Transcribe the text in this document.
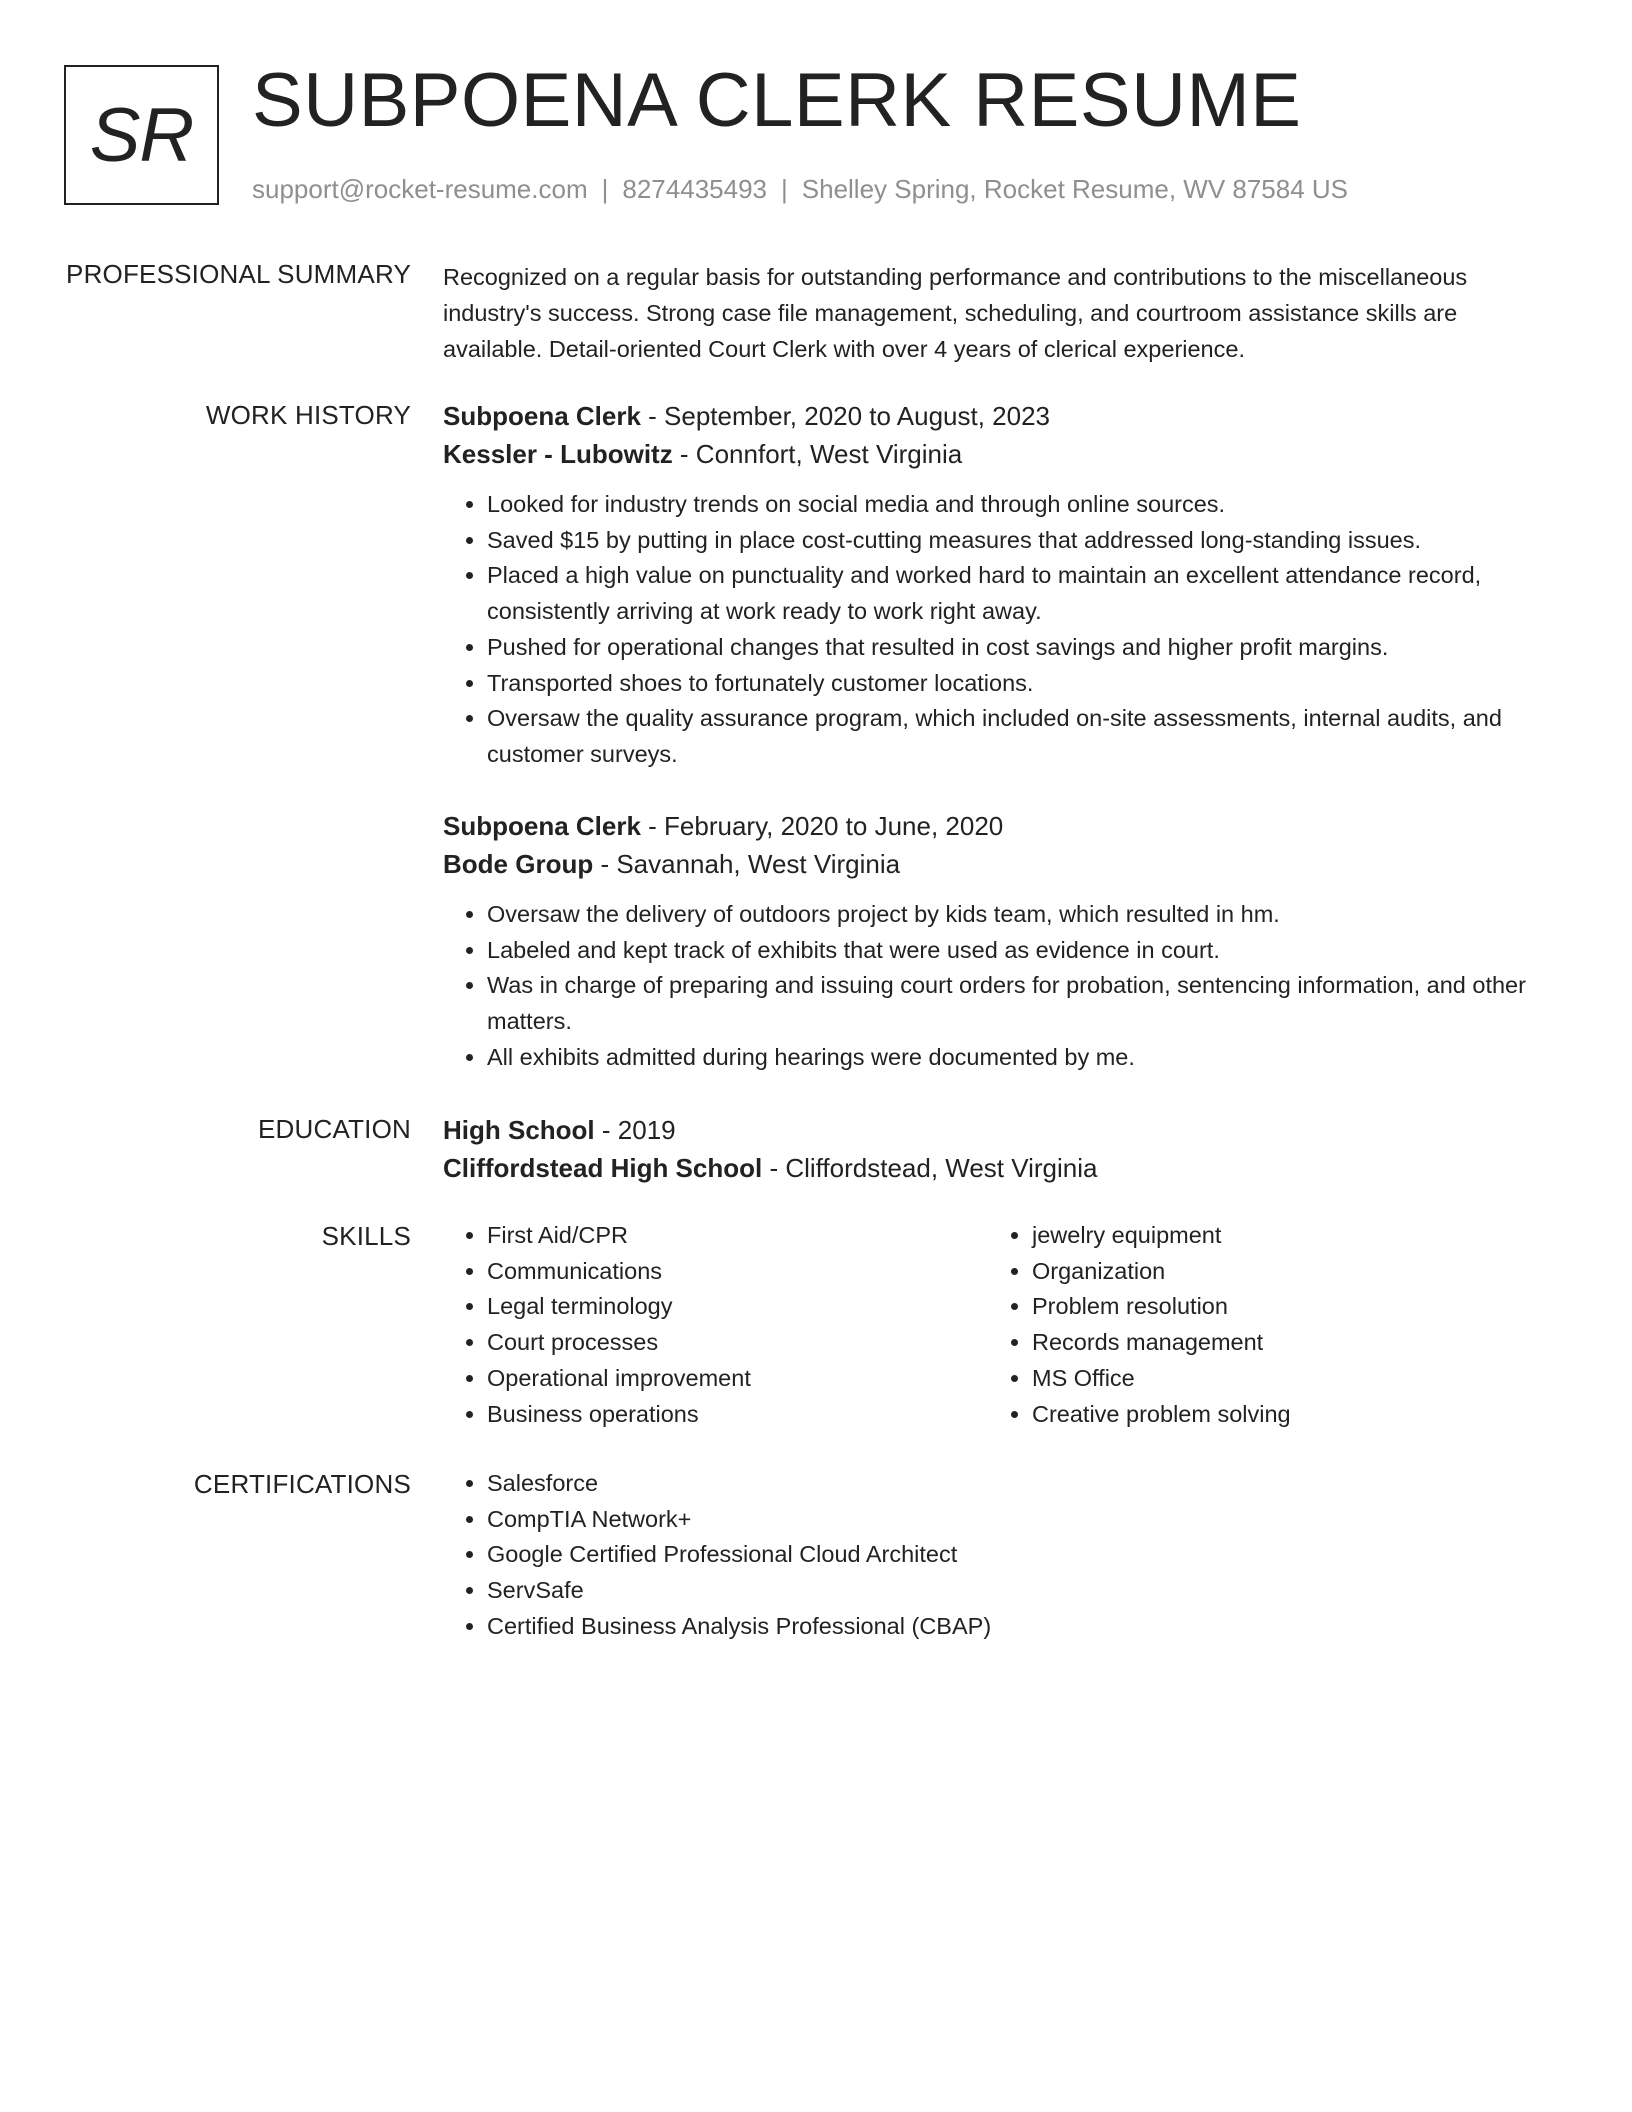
SR SUBPOENA CLERK RESUME
support@rocket-resume.com | 8274435493 | Shelley Spring, Rocket Resume, WV 87584 US
PROFESSIONAL SUMMARY Recognized on a regular basis for outstanding performance and contributions to the miscellaneous industry's success. Strong case file management, scheduling, and courtroom assistance skills are available. Detail-oriented Court Clerk with over 4 years of clerical experience.

WORK HISTORY Subpoena Clerk - September, 2020 to August, 2023

Kessler - Lubowitz - Connfort, West Virginia

• Looked for industry trends on social media and through online sources.
• Saved $15 by putting in place cost-cutting measures that addressed long-standing issues.
• Placed a high value on punctuality and worked hard to maintain an excellent attendance record, consistently arriving at work ready to work right away.
• Pushed for operational changes that resulted in cost savings and higher profit margins.
• Transported shoes to fortunately customer locations.
• Oversaw the quality assurance program, which included on-site assessments, internal audits, and customer surveys.

Subpoena Clerk - February, 2020 to June, 2020

Bode Group - Savannah, West Virginia

• Oversaw the delivery of outdoors project by kids team, which resulted in hm.
• Labeled and kept track of exhibits that were used as evidence in court.
• Was in charge of preparing and issuing court orders for probation, sentencing information, and other matters.
• All exhibits admitted during hearings were documented by me.
EDUCATION High School - 2019

Cliffordstead High School - Cliffordstead, West Virginia

SKILLS	• First Aid/CPR
• Communications
• Legal terminology
• Court processes
• Operational improvement
• Business operations
• jewelry equipment
• Organization
• Problem resolution
• Records management
• MS Office
• Creative problem solving
CERTIFICATIONS	• Salesforce
• CompTIA Network+
• Google Certified Professional Cloud Architect
• ServSafe
• Certified Business Analysis Professional (CBAP)
